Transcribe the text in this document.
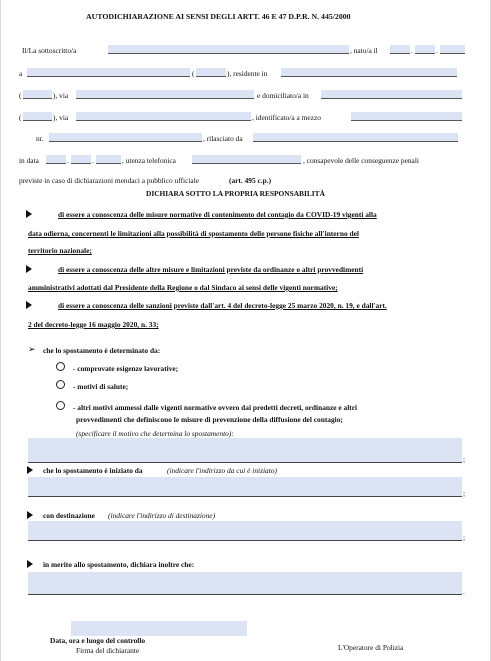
AUTODICHIARAZIONE AI SENSI DEGLI ARTT. 46 E 47 D.P.R. N. 445/2000
Il/La sottoscritto/a	, nato/a il	.	.
a	(	), residente in
(	), via	e domiciliato/a in
(	), via	, identificato/a a mezzo
nr.	, rilasciato da
in data	.	.	, utenza telefonica	, consapevole delle conseguenze penali
previste in caso di dichiarazioni mendaci a pubblico ufficiale	(art. 495 c.p.)
DICHIARA SOTTO LA PROPRIA RESPONSABILITÀ
di essere a conoscenza delle misure normative di contenimento del contagio da COVID-19 vigenti alla
data odierna, concernenti le limitazioni alla possibilità di spostamento delle persone fisiche all'interno del
territorio nazionale;
di essere a conoscenza delle altre misure e limitazioni previste da ordinanze o altri provvedimenti
amministrativi adottati dal Presidente della Regione o dal Sindaco ai sensi delle vigenti normative;
di essere a conoscenza delle sanzioni previste dall'art. 4 del decreto-legge 25 marzo 2020, n. 19, e dall'art.
2 del decreto-legge 16 maggio 2020, n. 33;
➢ che lo spostamento è determinato da:
- comprovate esigenze lavorative;
- motivi di salute;
- altri motivi ammessi dalle vigenti normative ovvero dai predetti decreti, ordinanze e altri
provvedimenti che definiscono le misure di prevenzione della diffusione del contagio;
(specificare il motivo che determina lo spostamento):
;
che lo spostamento è iniziato da	(indicare l'indirizzo da cui è iniziato)
;
con destinazione (indicare l'indirizzo di destinazione)
;
in merito allo spostamento, dichiara inoltre che:
.
Data, ora e luogo del controllo
Firma del dichiarante	L'Operatore di Polizia
